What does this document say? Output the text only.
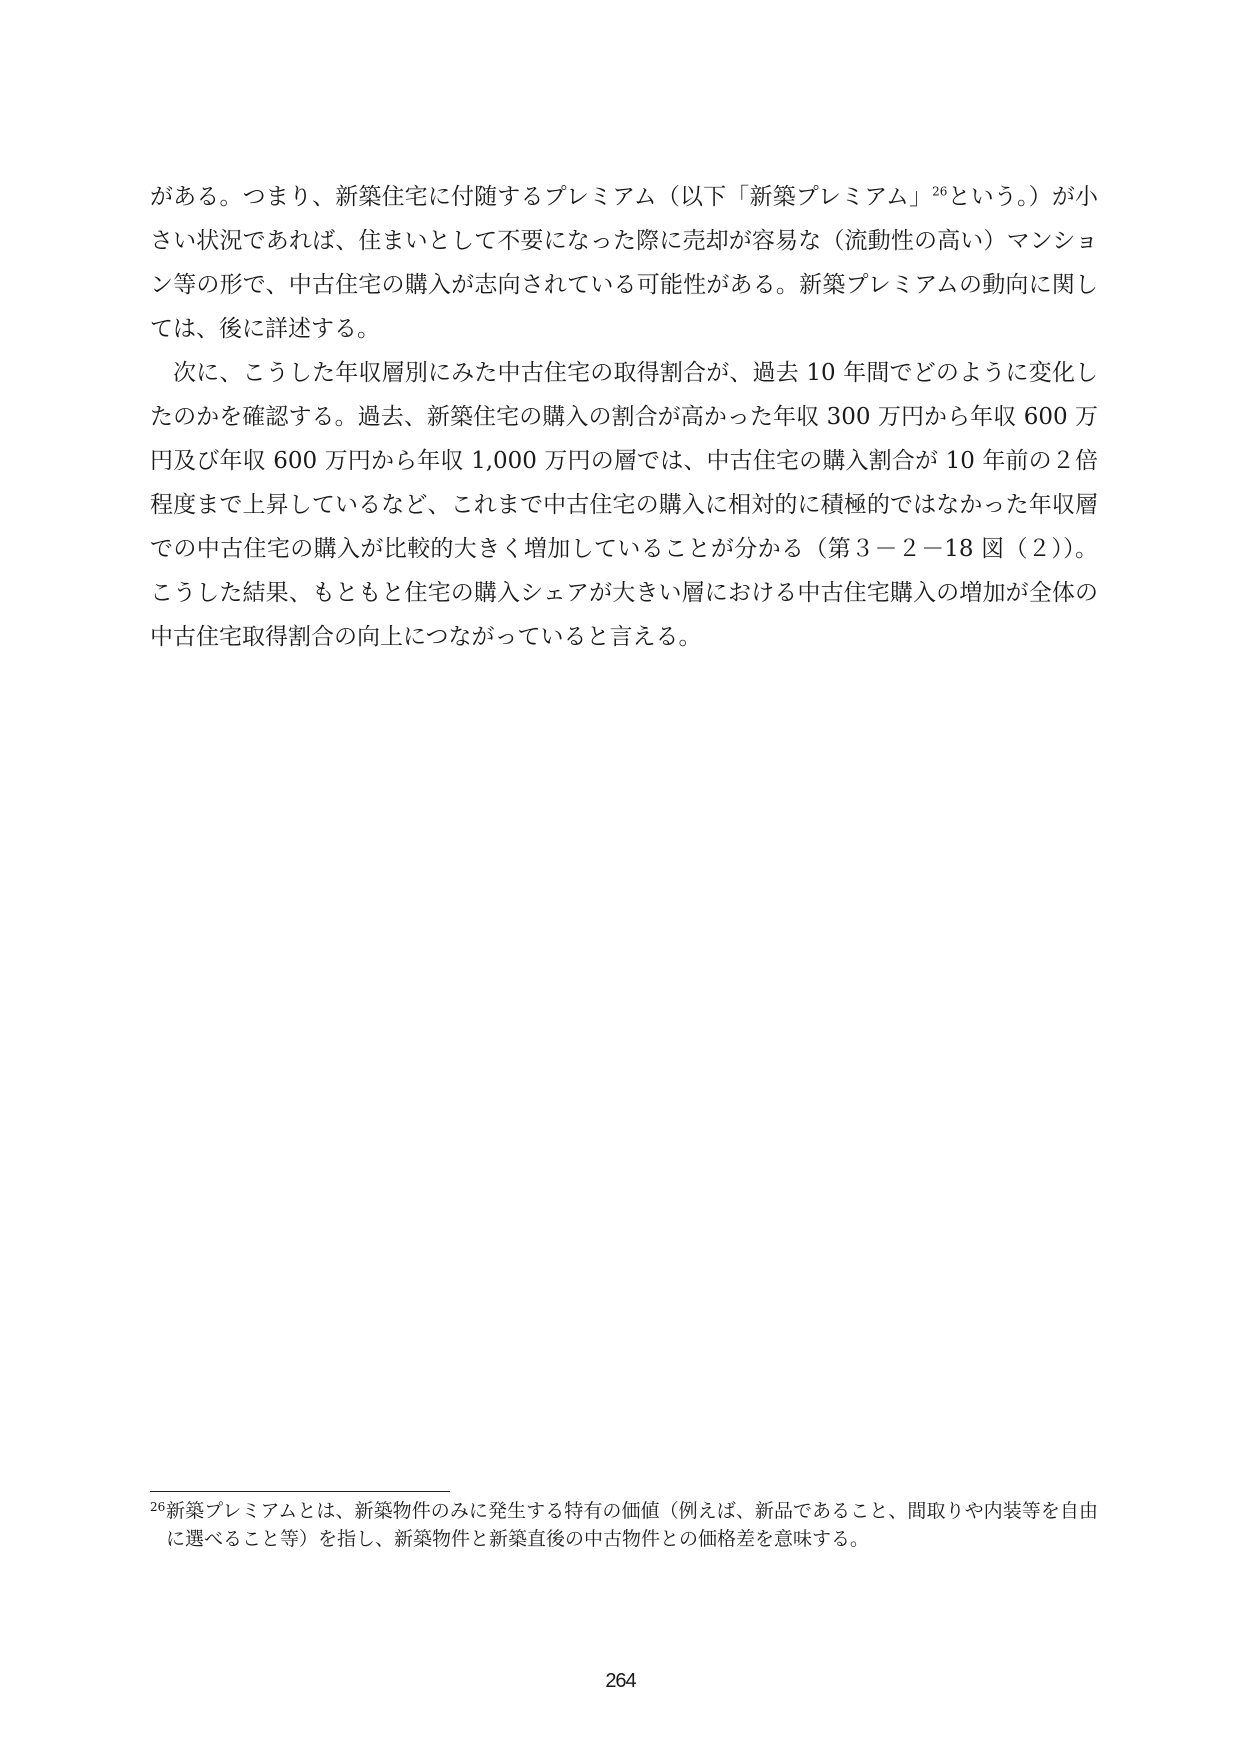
がある。つまり、新築住宅に付随するプレミアム（以下「新築プレミアム」$^{26}$という。）が小さい状況であれば、住まいとして不要になった際に売却が容易な（流動性の高い）マンション等の形で、中古住宅の購入が志向されている可能性がある。新築プレミアムの動向に関しては、後に詳述する。

次に、こうした年収層別にみた中古住宅の取得割合が、過去 10 年間でどのように変化したのかを確認する。過去、新築住宅の購入の割合が高かった年収 300 万円から年収 600 万円及び年収 600 万円から年収 1,000 万円の層では、中古住宅の購入割合が 10 年前の２倍程度まで上昇しているなど、これまで中古住宅の購入に相対的に積極的ではなかった年収層での中古住宅の購入が比較的大きく増加していることが分かる（第３－２－18 図（２））。こうした結果、もともと住宅の購入シェアが大きい層における中古住宅購入の増加が全体の中古住宅取得割合の向上につながっていると言える。

26 新築プレミアムとは、新築物件のみに発生する特有の価値（例えば、新品であること、間取りや内装等を自由に選べること等）を指し、新築物件と新築直後の中古物件との価格差を意味する。
264
